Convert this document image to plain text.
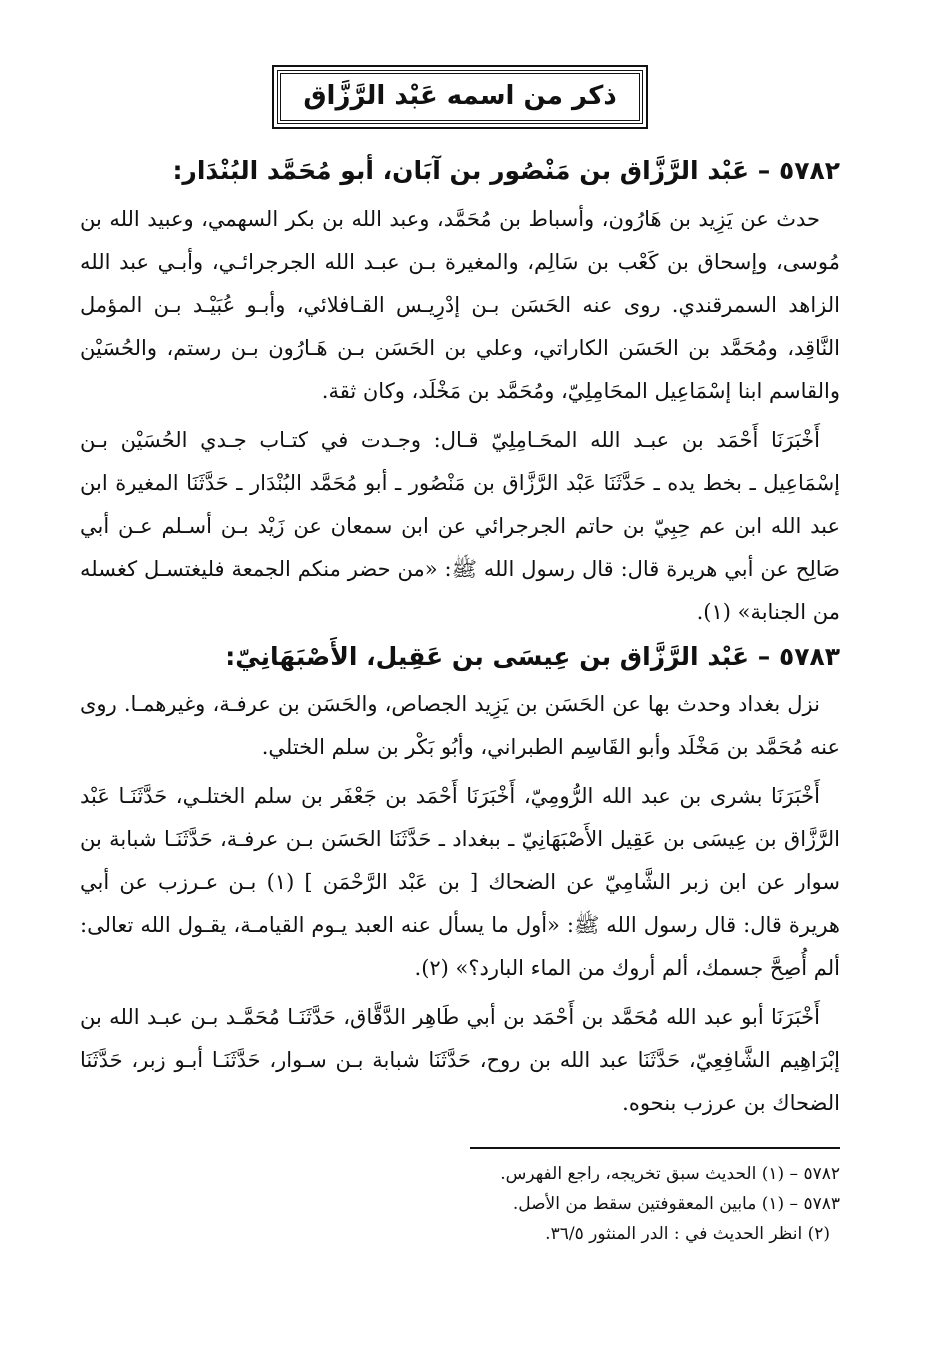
ذكر من اسمه عَبْد الرَّزَّاق
٥٧٨٢ – عَبْد الرَّزَّاق بن مَنْصُور بن آبَان، أبو مُحَمَّد البُنْدَار:

حدث عن يَزِيد بن هَارُون، وأسباط بن مُحَمَّد، وعبد الله بن بكر السهمي، وعبيد الله بن مُوسى، وإسحاق بن كَعْب بن سَالِم، والمغيرة بـن عبـد الله الجرجرائـي، وأبـي عبد الله الزاهد السمرقندي. روى عنه الحَسَن بـن إدْرِيـس القـافلائي، وأبـو عُبَيْـد بـن المؤمل النَّاقِد، ومُحَمَّد بن الحَسَن الكاراتي، وعلي بن الحَسَن بـن هَـارُون بـن رستم، والحُسَيْن والقاسم ابنا إسْمَاعِيل المحَامِلِيّ، ومُحَمَّد بن مَخْلَد، وكان ثقة.

أَخْبَرَنَا أَحْمَد بن عبـد الله المحَـامِلِيّ قـال: وجـدت في كتـاب جـدي الحُسَيْن بـن إسْمَاعِيل ـ بخط يده ـ حَدَّثَنَا عَبْد الرَّزَّاق بن مَنْصُور ـ أبو مُحَمَّد البُنْدَار ـ حَدَّثَنَا المغيرة ابن عبد الله ابن عم حِبِيّ بن حاتم الجرجرائي عن ابن سمعان عن زَيْد بـن أسـلم عـن أبي صَالِح عن أبي هريرة قال: قال رسول الله ﷺ: «من حضر منكم الجمعة فليغتسـل كغسله من الجنابة» (١).

٥٧٨٣ – عَبْد الرَّزَّاق بن عِيسَى بن عَقِيل، الأَصْبَهَانِيّ:

نزل بغداد وحدث بها عن الحَسَن بن يَزِيد الجصاص، والحَسَن بن عرفـة، وغيرهمـا. روى عنه مُحَمَّد بن مَخْلَد وأبو القَاسِم الطبراني، وأبُو بَكْر بن سلم الختلي.

أَخْبَرَنَا بشرى بن عبد الله الرُّومِيّ، أَخْبَرَنَا أَحْمَد بن جَعْفَر بن سلم الختلـي، حَدَّثَنَـا عَبْد الرَّزَّاق بن عِيسَى بن عَقِيل الأَصْبَهَانِيّ ـ ببغداد ـ حَدَّثَنَا الحَسَن بـن عرفـة، حَدَّثَنَـا شبابة بن سوار عن ابن زبر الشَّامِيّ عن الضحاك [ بن عَبْد الرَّحْمَن ] (١) بـن عـرزب عن أبي هريرة قال: قال رسول الله ﷺ: «أول ما يسأل عنه العبد يـوم القيامـة، يقـول الله تعالى: ألم أُصِحَّ جسمك، ألم أروك من الماء البارد؟» (٢).

أَخْبَرَنَا أبو عبد الله مُحَمَّد بن أَحْمَد بن أبي طَاهِر الدَّقَّاق، حَدَّثَنَـا مُحَمَّـد بـن عبـد الله بن إبْرَاهِيم الشَّافِعِيّ، حَدَّثَنَا عبد الله بن روح، حَدَّثَنَا شبابة بـن سـوار، حَدَّثَنَـا أبـو زبر، حَدَّثَنَا الضحاك بن عرزب بنحوه.

٥٧٨٢ – (١) الحديث سبق تخريجه، راجع الفهرس.
٥٧٨٣ – (١) مابين المعقوفتين سقط من الأصل.
(٢) انظر الحديث في : الدر المنثور ٣٦/٥.
